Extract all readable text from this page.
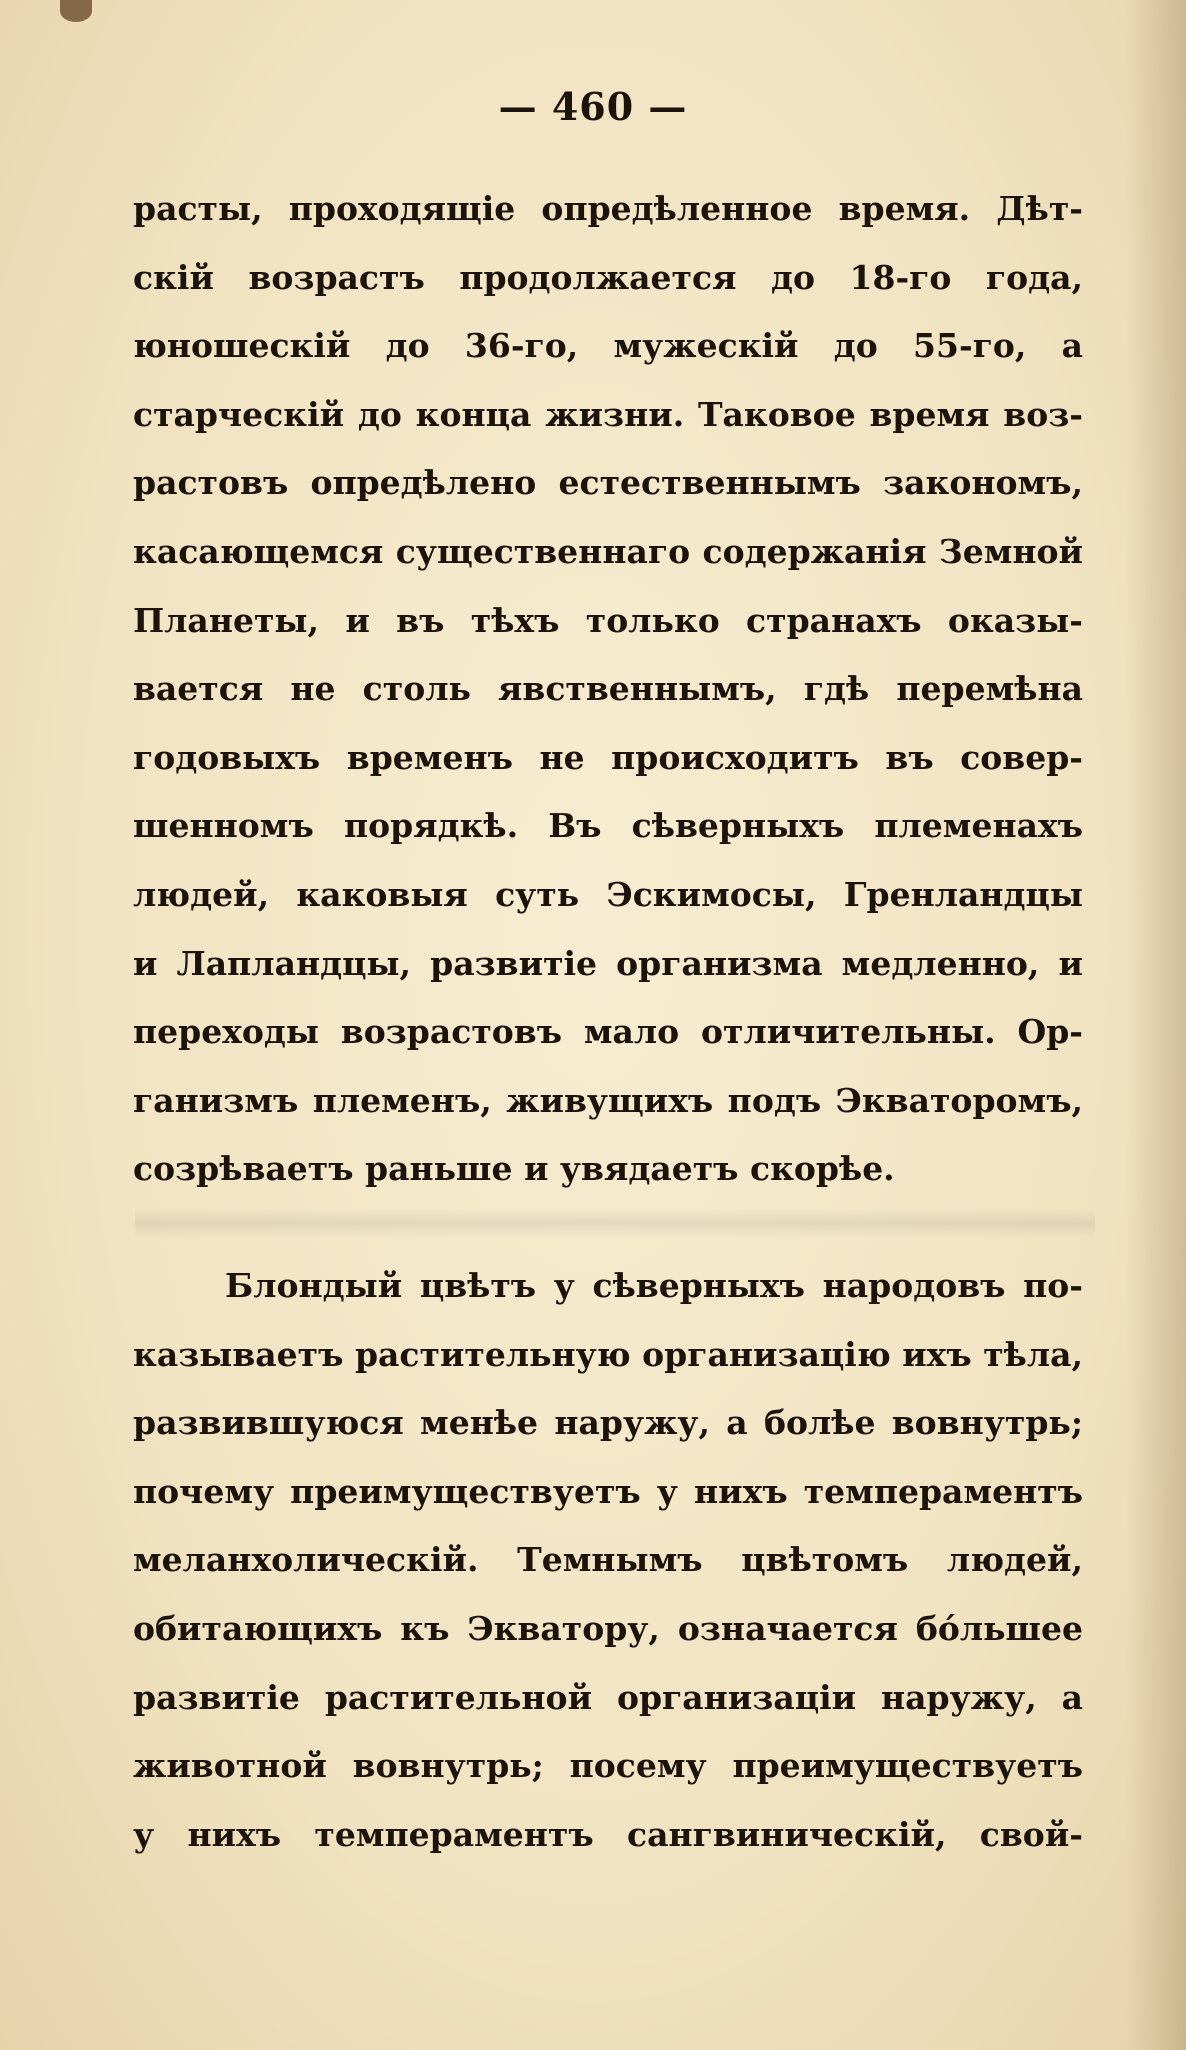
— 460 —
расты, проходящіе опредѣленное время. Дѣт-
скій возрастъ продолжается до 18-го года,
юношескій до 36-го, мужескій до 55-го, а
старческій до конца жизни. Таковое время воз-
растовъ опредѣлено естественнымъ закономъ,
касающемся существеннаго содержанія Земной
Планеты, и въ тѣхъ только странахъ оказы-
вается не столь явственнымъ, гдѣ перемѣна
годовыхъ временъ не происходитъ въ совер-
шенномъ порядкѣ. Въ сѣверныхъ племенахъ
людей, каковыя суть Эскимосы, Гренландцы
и Лапландцы, развитіе организма медленно, и
переходы возрастовъ мало отличительны. Ор-
ганизмъ племенъ, живущихъ подъ Экваторомъ,
созрѣваетъ раньше и увядаетъ скорѣе.
Блондый цвѣтъ у сѣверныхъ народовъ по-
казываетъ растительную организацію ихъ тѣла,
развившуюся менѣе наружу, а болѣе вовнутрь;
почему преимуществуетъ у нихъ темпераментъ
меланхолическій. Темнымъ цвѣтомъ людей,
обитающихъ къ Экватору, означается бо́льшее
развитіе растительной организаціи наружу, а
животной вовнутрь; посему преимуществуетъ
у нихъ темпераментъ сангвиническій, свой-
